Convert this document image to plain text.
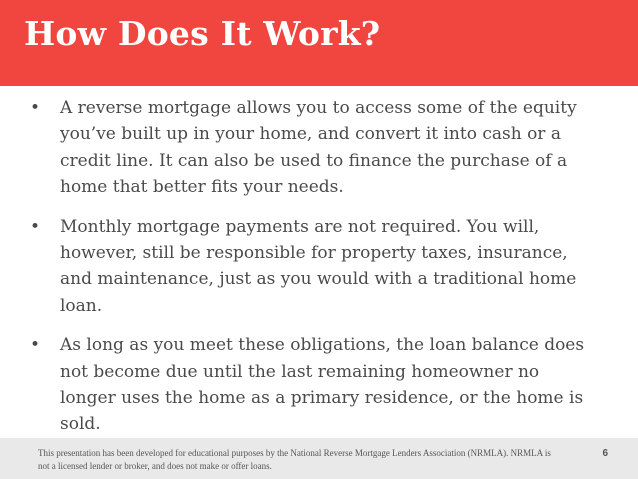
How Does It Work?
• A reverse mortgage allows you to access some of the equity you’ve built up in your home, and convert it into cash or a credit line. It can also be used to finance the purchase of a home that better fits your needs.
• Monthly mortgage payments are not required. You will, however, still be responsible for property taxes, insurance, and maintenance, just as you would with a traditional home loan.
• As long as you meet these obligations, the loan balance does not become due until the last remaining homeowner no longer uses the home as a primary residence, or the home is sold.
This presentation has been developed for educational purposes by the National Reverse Mortgage Lenders Association (NRMLA). NRMLA is not a licensed lender or broker, and does not make or offer loans.
6
